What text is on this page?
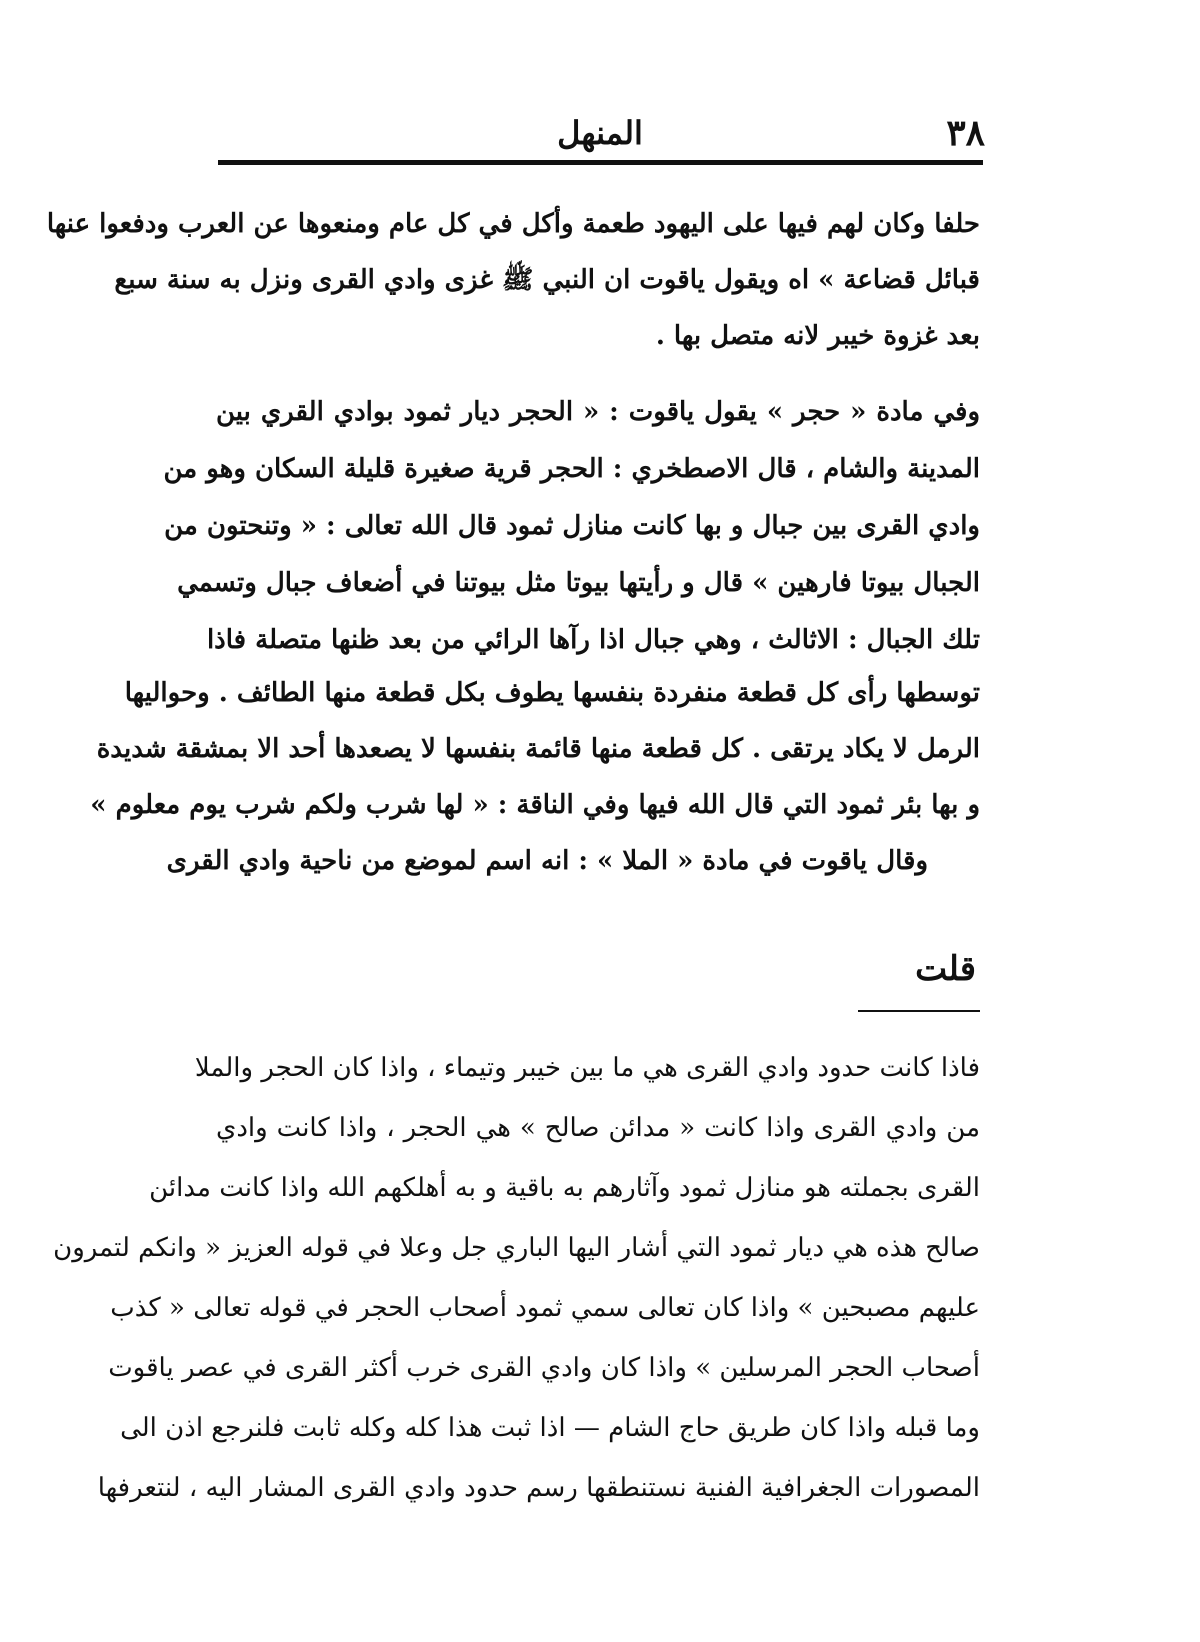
٣٨
المنهل
حلفا وكان لهم فيها على اليهود طعمة وأكل في كل عام ومنعوها عن العرب ودفعوا عنها
قبائل قضاعة » اه ويقول ياقوت ان النبي ﷺ غزى وادي القرى ونزل به سنة سبع
بعد غزوة خيبر لانه متصل بها .
وفي مادة « حجر » يقول ياقوت : « الحجر ديار ثمود بوادي القري بين
المدينة والشام ، قال الاصطخري : الحجر قرية صغيرة قليلة السكان وهو من
وادي القرى بين جبال و بها كانت منازل ثمود قال الله تعالى : « وتنحتون من
الجبال بيوتا فارهين » قال و رأيتها بيوتا مثل بيوتنا في أضعاف جبال وتسمي
تلك الجبال : الاثالث ، وهي جبال اذا رآها الرائي من بعد ظنها متصلة فاذا
توسطها رأى كل قطعة منفردة بنفسها يطوف بكل قطعة منها الطائف . وحواليها
الرمل لا يكاد يرتقى . كل قطعة منها قائمة بنفسها لا يصعدها أحد الا بمشقة شديدة
و بها بئر ثمود التي قال الله فيها وفي الناقة : « لها شرب ولكم شرب يوم معلوم »
وقال ياقوت في مادة « الملا » : انه اسم لموضع من ناحية وادي القرى
قلت
فاذا كانت حدود وادي القرى هي ما بين خيبر وتيماء ، واذا كان الحجر والملا
من وادي القرى واذا كانت « مدائن صالح » هي الحجر ، واذا كانت وادي
القرى بجملته هو منازل ثمود وآثارهم به باقية و به أهلكهم الله واذا كانت مدائن
صالح هذه هي ديار ثمود التي أشار اليها الباري جل وعلا في قوله العزيز « وانكم لتمرون
عليهم مصبحين » واذا كان تعالى سمي ثمود أصحاب الحجر في قوله تعالى « كذب
أصحاب الحجر المرسلين » واذا كان وادي القرى خرب أكثر القرى في عصر ياقوت
وما قبله واذا كان طريق حاج الشام — اذا ثبت هذا كله وكله ثابت فلنرجع اذن الى
المصورات الجغرافية الفنية نستنطقها رسم حدود وادي القرى المشار اليه ، لنتعرفها
